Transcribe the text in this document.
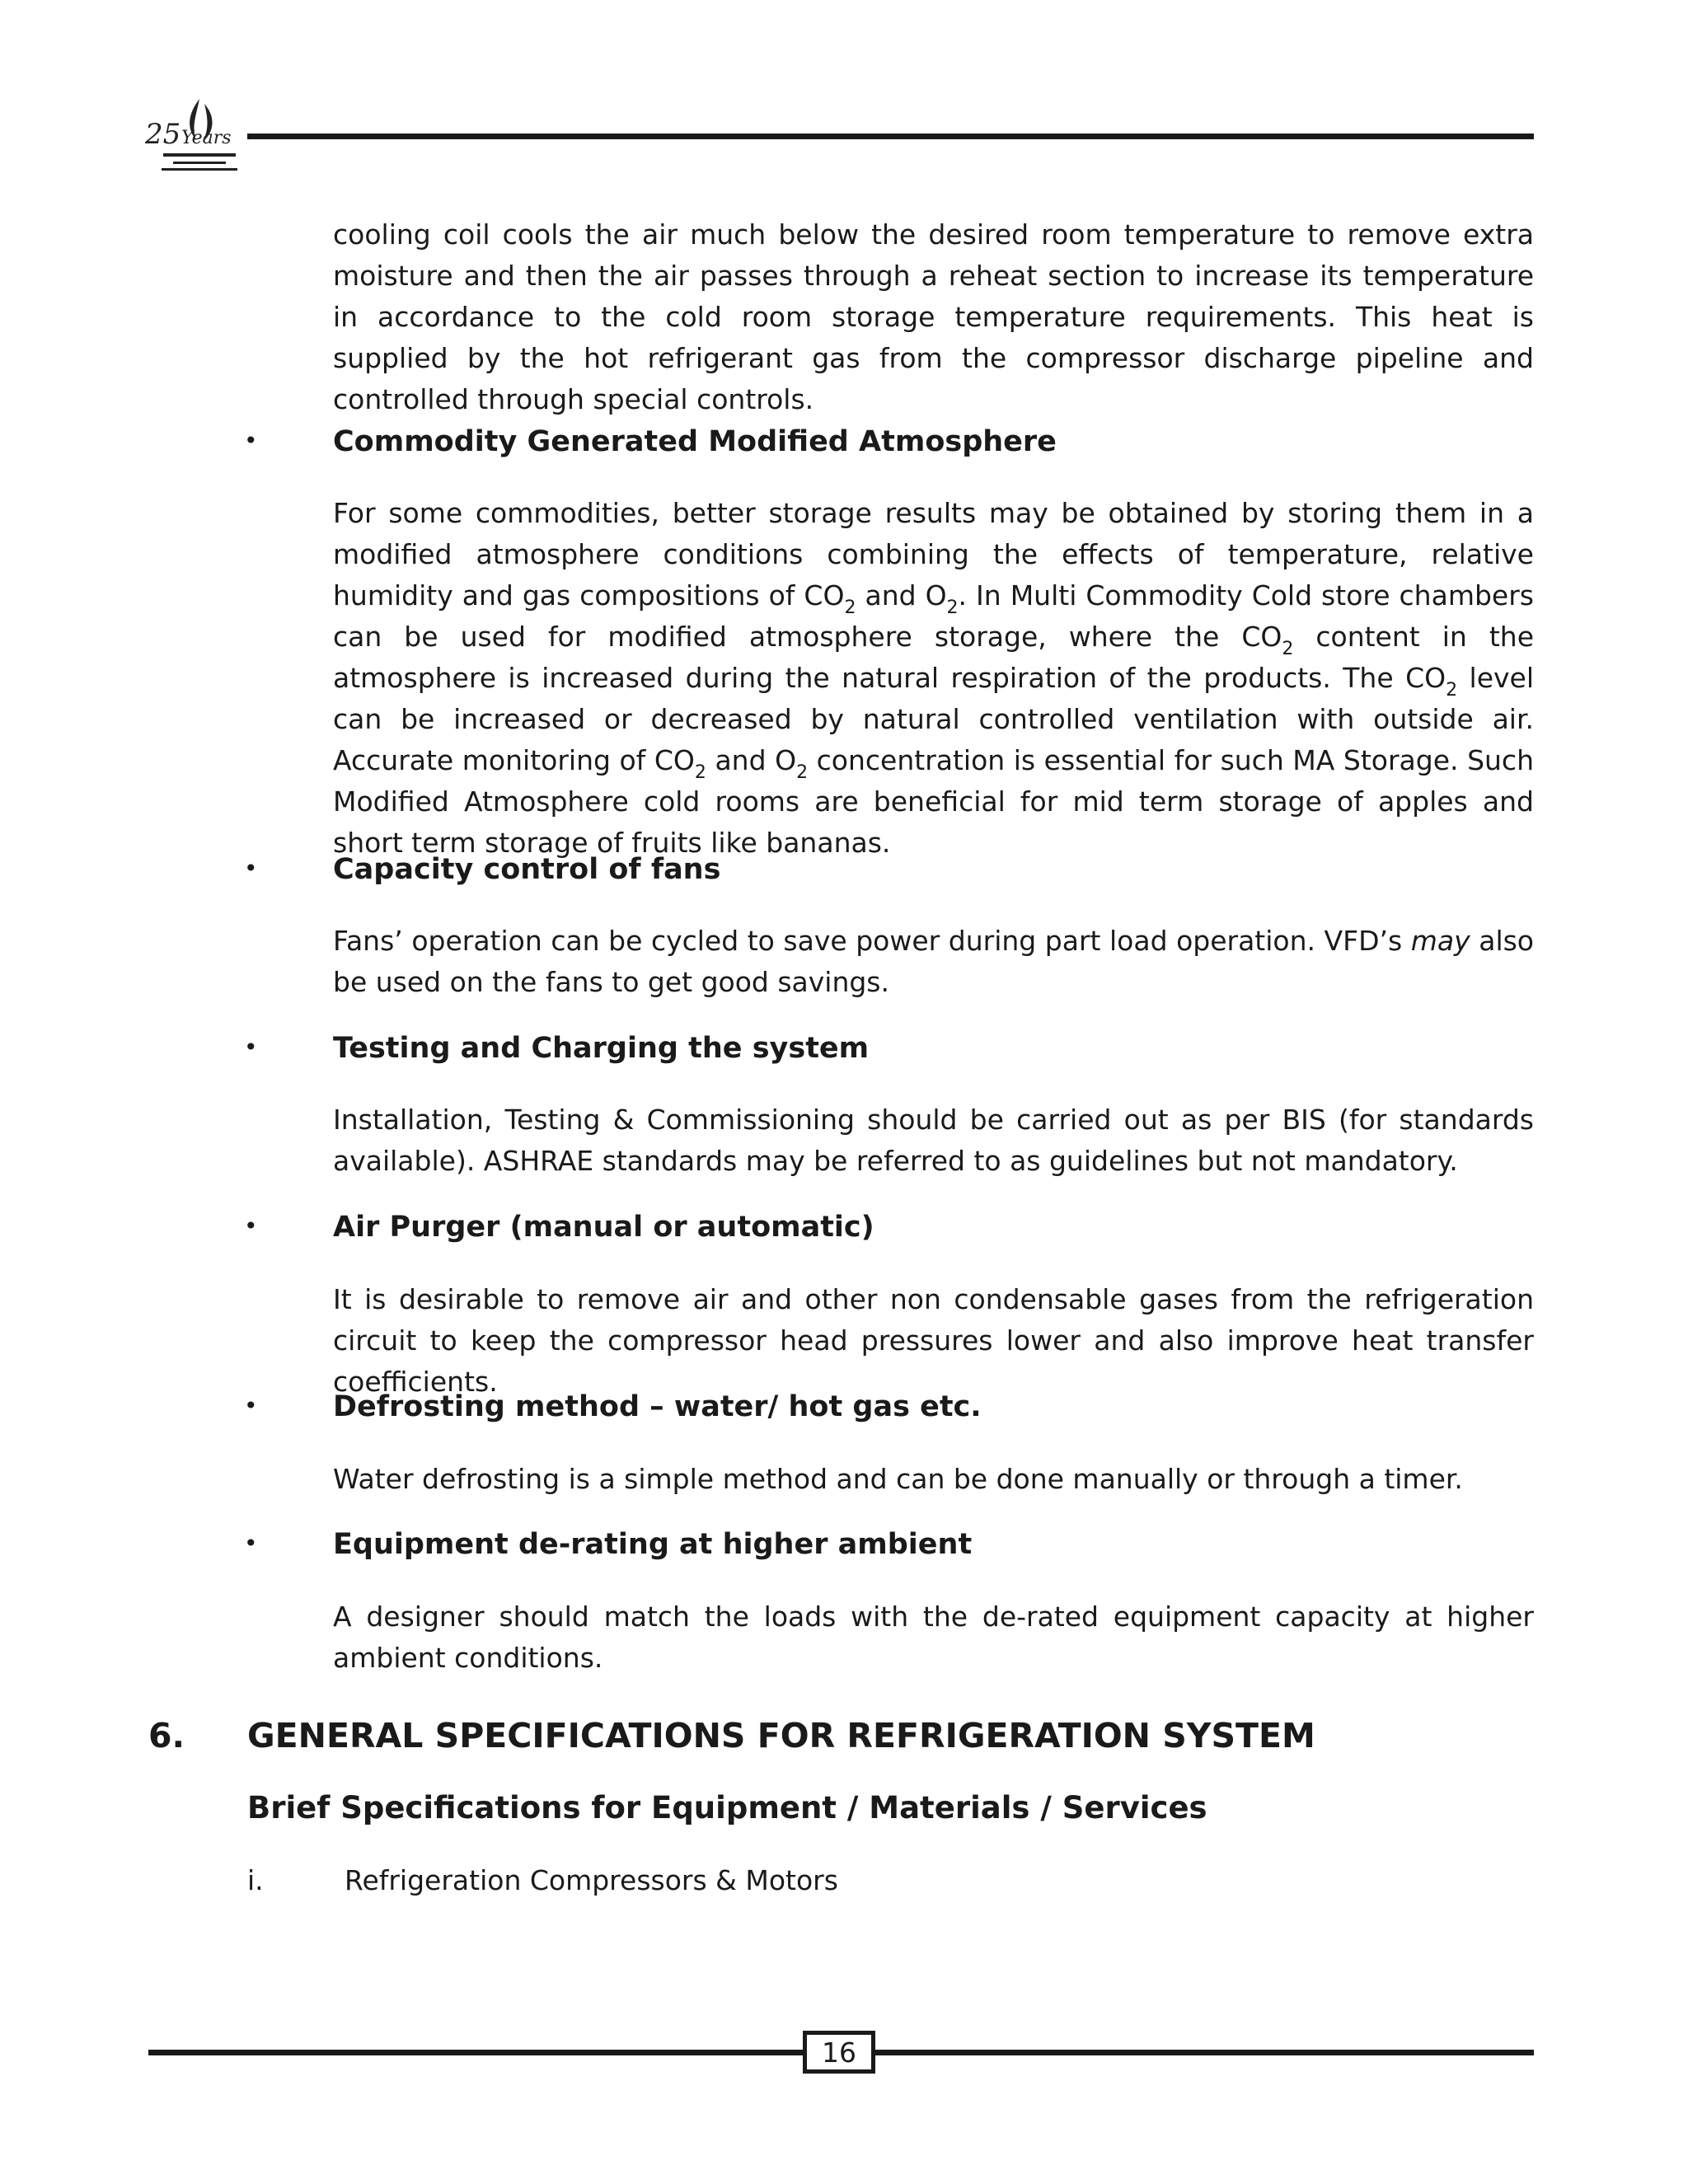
25 Years
cooling coil cools the air much below the desired room temperature to remove extra moisture and then the air passes through a reheat section to increase its temperature in accordance to the cold room storage temperature requirements. This heat is supplied by the hot refrigerant gas from the compressor discharge pipeline and controlled through special controls.
•	Commodity Generated Modified Atmosphere
For some commodities, better storage results may be obtained by storing them in a modified atmosphere conditions combining the effects of temperature, relative humidity and gas compositions of $CO_2$ and $O_2$. In Multi Commodity Cold store chambers can be used for modified atmosphere storage, where the $CO_2$ content in the atmosphere is increased during the natural respiration of the products. The $CO_2$ level can be increased or decreased by natural controlled ventilation with outside air. Accurate monitoring of $CO_2$ and $O_2$ concentration is essential for such MA Storage. Such Modified Atmosphere cold rooms are beneficial for mid term storage of apples and short term storage of fruits like bananas.
•	Capacity control of fans
Fans’ operation can be cycled to save power during part load operation. VFD’s may also be used on the fans to get good savings.
•	Testing and Charging the system
Installation, Testing & Commissioning should be carried out as per BIS (for standards available). ASHRAE standards may be referred to as guidelines but not mandatory.
•	Air Purger (manual or automatic)
It is desirable to remove air and other non condensable gases from the refrigeration circuit to keep the compressor head pressures lower and also improve heat transfer coefficients.
•	Defrosting method – water/ hot gas etc.
Water defrosting is a simple method and can be done manually or through a timer.
•	Equipment de-rating at higher ambient
A designer should match the loads with the de-rated equipment capacity at higher ambient conditions.
6. GENERAL SPECIFICATIONS FOR REFRIGERATION SYSTEM
Brief Specifications for Equipment / Materials / Services
i.	Refrigeration Compressors & Motors
16
